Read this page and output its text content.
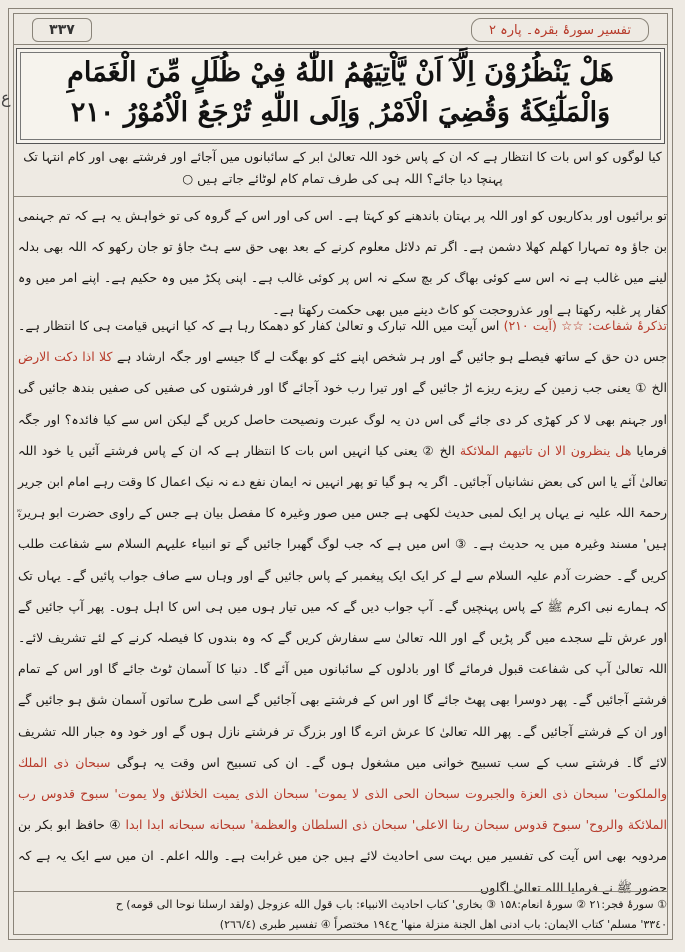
۳۳۷	تفسیر سورۂ بقرہ۔ پارہ ۲
هَلْ يَنْظُرُوْنَ اِلَّآ اَنْ يَّاْتِيَهُمُ اللّٰهُ فِيْ ظُلَلٍ مِّنَ الْغَمَامِ
وَالْمَلٰٓئِكَةُ وَقُضِيَ الْاَمْرُ ۭ وَاِلَى اللّٰهِ تُرْجَعُ الْاُمُوْرُ ۲۱۰
ع
کیا لوگوں کو اس بات کا انتظار ہے کہ ان کے پاس خود اللہ تعالیٰ ابر کے سائبانوں میں آجائے اور فرشتے بھی اور کام انتہا تک پہنچا دیا جائے؟ اللہ ہی کی طرف تمام کام لوٹائے جاتے ہیں ○
تو برائیوں اور بدکاریوں کو اور اللہ پر بہتان باندھنے کو کہتا ہے۔ اس کی اور اس کے گروہ کی تو خواہش یہ ہے کہ تم جہنمی بن جاؤ وہ تمہارا کھلم کھلا دشمن ہے۔ اگر تم دلائل معلوم کرنے کے بعد بھی حق سے ہٹ جاؤ تو جان رکھو کہ اللہ بھی بدلہ لینے میں غالب ہے نہ اس سے کوئی بھاگ کر بچ سکے نہ اس پر کوئی غالب ہے۔ اپنی پکڑ میں وہ حکیم ہے۔ اپنے امر میں وہ کفار پر غلبہ رکھتا ہے اور عذروحجت کو کاٹ دینے میں بھی حکمت رکھتا ہے۔
تذکرۂ شفاعت: ☆☆ (آیت ۲۱۰) اس آیت میں اللہ تبارک و تعالیٰ کفار کو دھمکا رہا ہے کہ کیا انہیں قیامت ہی کا انتظار ہے۔ جس دن حق کے ساتھ فیصلے ہو جائیں گے اور ہر شخص اپنے کئے کو بھگت لے گا جیسے اور جگہ ارشاد ہے كلا اذا دكت الارض الخ ① یعنی جب زمین کے ریزے ریزے اڑ جائیں گے اور تیرا رب خود آجائے گا اور فرشتوں کی صفیں کی صفیں بندھ جائیں گی اور جہنم بھی لا کر کھڑی کر دی جائے گی اس دن یہ لوگ عبرت ونصیحت حاصل کریں گے لیکن اس سے کیا فائدہ؟ اور جگہ فرمایا هل ينظرون الا ان تاتيهم الملائكة الخ ② یعنی کیا انہیں اس بات کا انتظار ہے کہ ان کے پاس فرشتے آئیں یا خود اللہ تعالیٰ آئے یا اس کی بعض نشانیاں آجائیں۔ اگر یہ ہو گیا تو پھر انہیں نہ ایمان نفع دے نہ نیک اعمال کا وقت رہے امام ابن جریر رحمۃ اللہ علیہ نے یہاں پر ایک لمبی حدیث لکھی ہے جس میں صور وغیرہ کا مفصل بیان ہے جس کے راوی حضرت ابو ہریرہؓ ہیں' مسند وغیرہ میں یہ حدیث ہے۔ ③ اس میں ہے کہ جب لوگ گھبرا جائیں گے تو انبیاء علیہم السلام سے شفاعت طلب کریں گے۔ حضرت آدم علیہ السلام سے لے کر ایک ایک پیغمبر کے پاس جائیں گے اور وہاں سے صاف جواب پائیں گے۔ یہاں تک کہ ہمارے نبی اکرم ﷺ کے پاس پہنچیں گے۔ آپ جواب دیں گے کہ میں تیار ہوں میں ہی اس کا اہل ہوں۔ پھر آپ جائیں گے اور عرش تلے سجدے میں گر پڑیں گے اور اللہ تعالیٰ سے سفارش کریں گے کہ وہ بندوں کا فیصلہ کرنے کے لئے تشریف لائے۔ اللہ تعالیٰ آپ کی شفاعت قبول فرمائے گا اور بادلوں کے سائبانوں میں آئے گا۔ دنیا کا آسمان ٹوٹ جائے گا اور اس کے تمام فرشتے آجائیں گے۔ پھر دوسرا بھی پھٹ جائے گا اور اس کے فرشتے بھی آجائیں گے اسی طرح ساتوں آسمان شق ہو جائیں گے اور ان کے فرشتے آجائیں گے۔ پھر اللہ تعالیٰ کا عرش اترے گا اور بزرگ تر فرشتے نازل ہوں گے اور خود وہ جبار اللہ تشریف لائے گا۔ فرشتے سب کے سب تسبیح خوانی میں مشغول ہوں گے۔ ان کی تسبیح اس وقت یہ ہوگی سبحان ذى الملك والملكوت' سبحان ذى العزة والجبروت سبحان الحى الذى لا يموت' سبحان الذى يميت الخلائق ولا يموت' سبوح قدوس رب الملائكة والروح' سبوح قدوس سبحان ربنا الاعلى' سبحان ذى السلطان والعظمة' سبحانه سبحانه ابدا ابدا ④ حافظ ابو بکر بن مردویہ بھی اس آیت کی تفسیر میں بہت سی احادیث لائے ہیں جن میں غرابت ہے۔ واللہ اعلم۔ ان میں سے ایک یہ ہے کہ حضور ﷺ نے فرمایا اللہ تعالیٰ اگلوں
① سورۂ فجر:۲۱ ② سورۂ انعام:۱۵۸ ③ بخاری' کتاب احادیث الانبیاء: باب قول الله عزوجل (ولقد ارسلنا نوحا الى قومه) ح
٣٣٤٠' مسلم' كتاب الايمان: باب ادنى اهل الجنة منزلة منها' ح١٩٤ مختصراً ④ تفسير طبرى (٢٦٦/٤)
